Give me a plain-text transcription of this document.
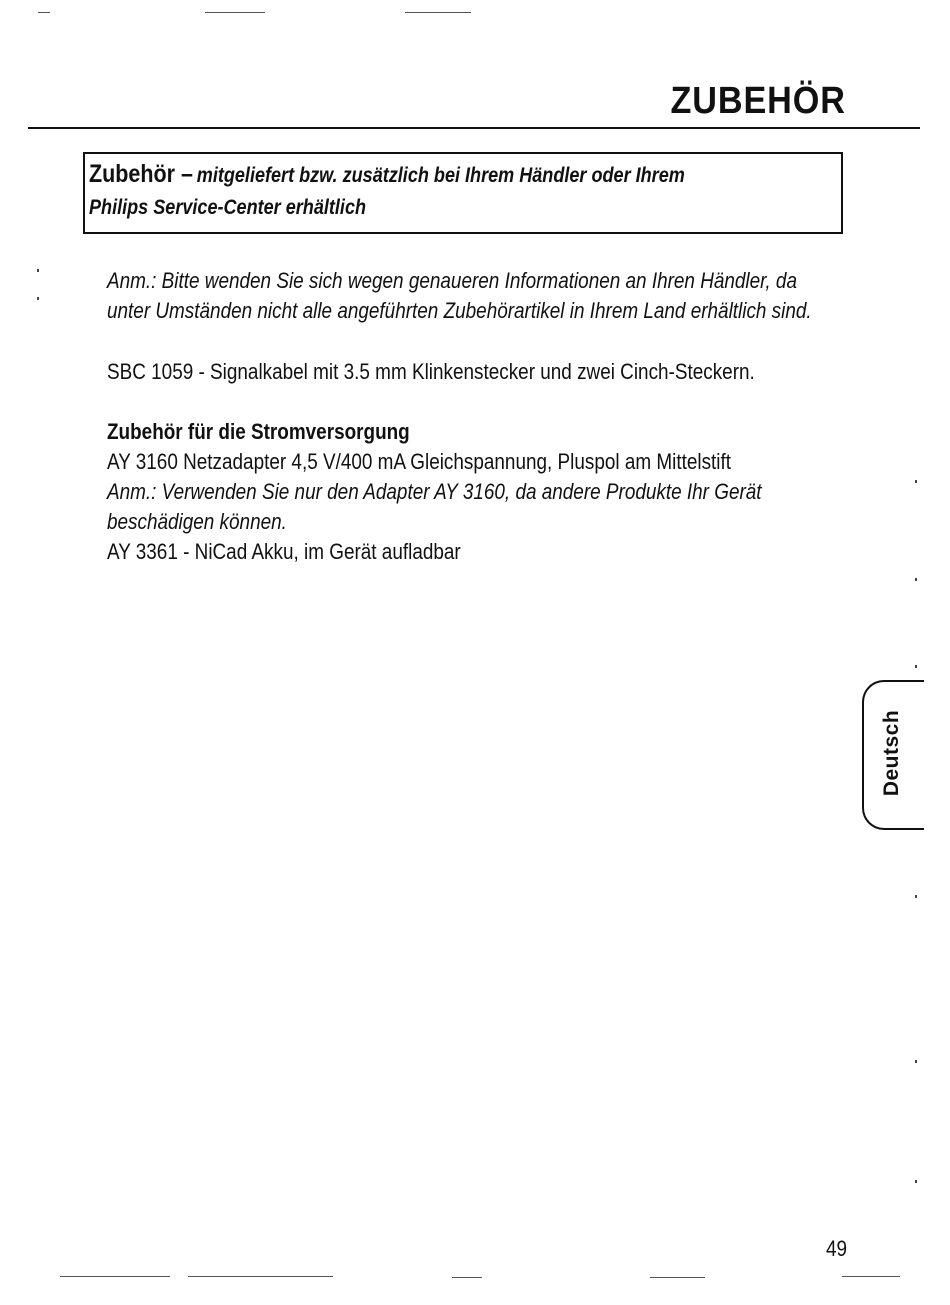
ZUBEHÖR
Zubehör – mitgeliefert bzw. zusätzlich bei Ihrem Händler oder Ihrem
Philips Service-Center erhältlich
Anm.: Bitte wenden Sie sich wegen genaueren Informationen an Ihren Händler, da
unter Umständen nicht alle angeführten Zubehörartikel in Ihrem Land erhältlich sind.
SBC 1059 - Signalkabel mit 3.5 mm Klinkenstecker und zwei Cinch-Steckern.
Zubehör für die Stromversorgung
AY 3160 Netzadapter 4,5 V/400 mA Gleichspannung, Pluspol am Mittelstift
Anm.: Verwenden Sie nur den Adapter AY 3160, da andere Produkte Ihr Gerät
beschädigen können.
AY 3361 - NiCad Akku, im Gerät aufladbar
Deutsch
49
